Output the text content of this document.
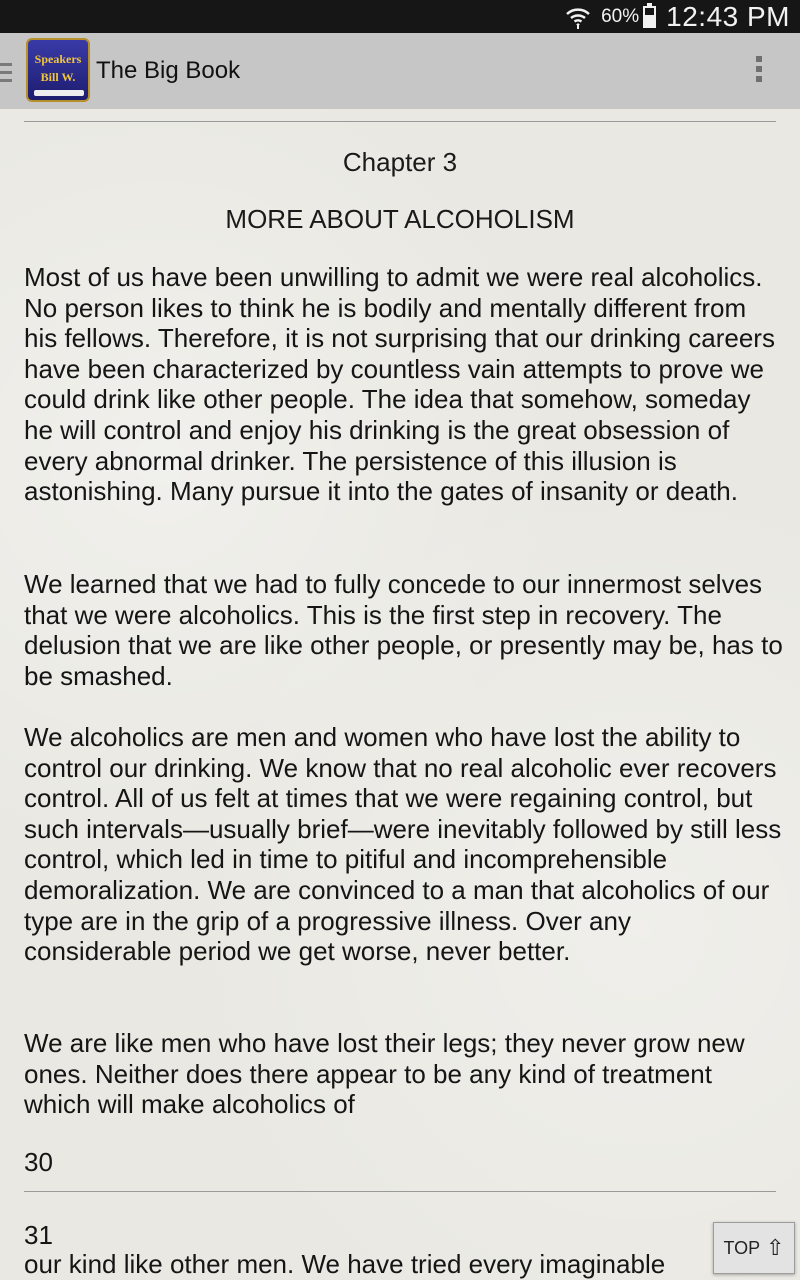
60% 12:43 PM
Speakers
Bill W. The Big Book
Chapter 3
MORE ABOUT ALCOHOLISM

Most of us have been unwilling to admit we were real alcoholics. No person likes to think he is bodily and mentally different from his fellows. Therefore, it is not surprising that our drinking careers have been characterized by countless vain attempts to prove we could drink like other people. The idea that somehow, someday he will control and enjoy his drinking is the great obsession of every abnormal drinker. The persistence of this illusion is astonishing. Many pursue it into the gates of insanity or death.

We learned that we had to fully concede to our innermost selves that we were alcoholics. This is the first step in recovery. The delusion that we are like other people, or presently may be, has to be smashed.

We alcoholics are men and women who have lost the ability to control our drinking. We know that no real alcoholic ever recovers control. All of us felt at times that we were regaining control, but such intervals—usually brief—were inevitably followed by still less control, which led in time to pitiful and incomprehensible demoralization. We are convinced to a man that alcoholics of our type are in the grip of a progressive illness. Over any considerable period we get worse, never better.

We are like men who have lost their legs; they never grow new ones. Neither does there appear to be any kind of treatment which will make alcoholics of

30
31
our kind like other men. We have tried every imaginable
TOP ⇧
